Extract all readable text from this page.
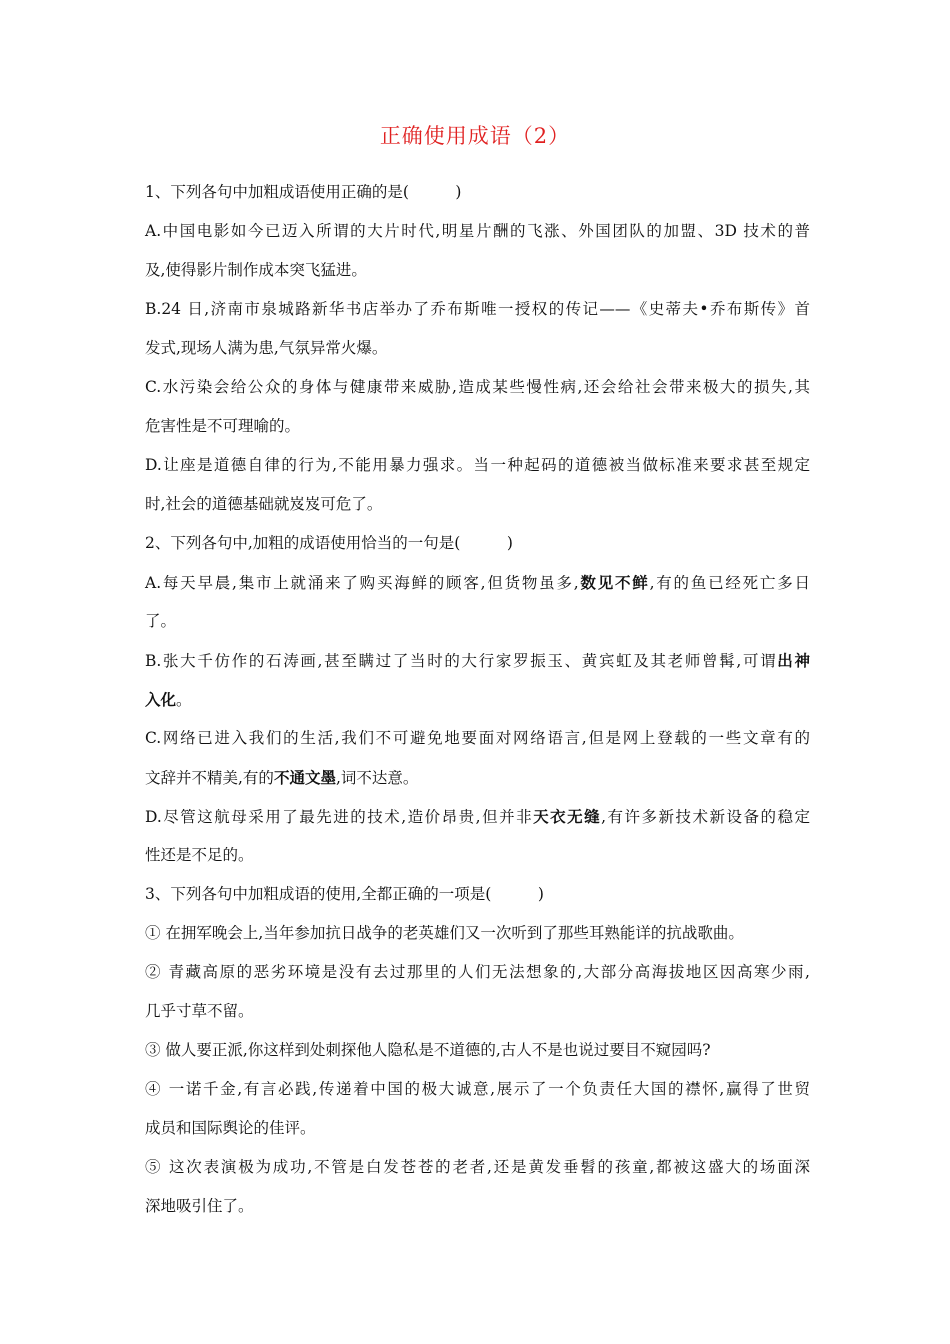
正确使用成语（2）
1、下列各句中加粗成语使用正确的是(　　　)
A.中国电影如今已迈入所谓的大片时代,明星片酬的飞涨、外国团队的加盟、3D 技术的普
及,使得影片制作成本突飞猛进。
B.24 日,济南市泉城路新华书店举办了乔布斯唯一授权的传记——《史蒂夫•乔布斯传》首
发式,现场人满为患,气氛异常火爆。
C.水污染会给公众的身体与健康带来威胁,造成某些慢性病,还会给社会带来极大的损失,其
危害性是不可理喻的。
D.让座是道德自律的行为,不能用暴力强求。当一种起码的道德被当做标准来要求甚至规定
时,社会的道德基础就岌岌可危了。
2、下列各句中,加粗的成语使用恰当的一句是(　　　)
A.每天早晨,集市上就涌来了购买海鲜的顾客,但货物虽多,数见不鲜,有的鱼已经死亡多日
了。
B.张大千仿作的石涛画,甚至瞒过了当时的大行家罗振玉、黄宾虹及其老师曾髯,可谓出神
入化。
C.网络已进入我们的生活,我们不可避免地要面对网络语言,但是网上登载的一些文章有的
文辞并不精美,有的不通文墨,词不达意。
D.尽管这航母采用了最先进的技术,造价昂贵,但并非天衣无缝,有许多新技术新设备的稳定
性还是不足的。
3、下列各句中加粗成语的使用,全都正确的一项是(　　　)
① 在拥军晚会上,当年参加抗日战争的老英雄们又一次听到了那些耳熟能详的抗战歌曲。
② 青藏高原的恶劣环境是没有去过那里的人们无法想象的,大部分高海拔地区因高寒少雨,
几乎寸草不留。
③ 做人要正派,你这样到处刺探他人隐私是不道德的,古人不是也说过要目不窥园吗?
④ 一诺千金,有言必践,传递着中国的极大诚意,展示了一个负责任大国的襟怀,赢得了世贸
成员和国际舆论的佳评。
⑤ 这次表演极为成功,不管是白发苍苍的老者,还是黄发垂髫的孩童,都被这盛大的场面深
深地吸引住了。
